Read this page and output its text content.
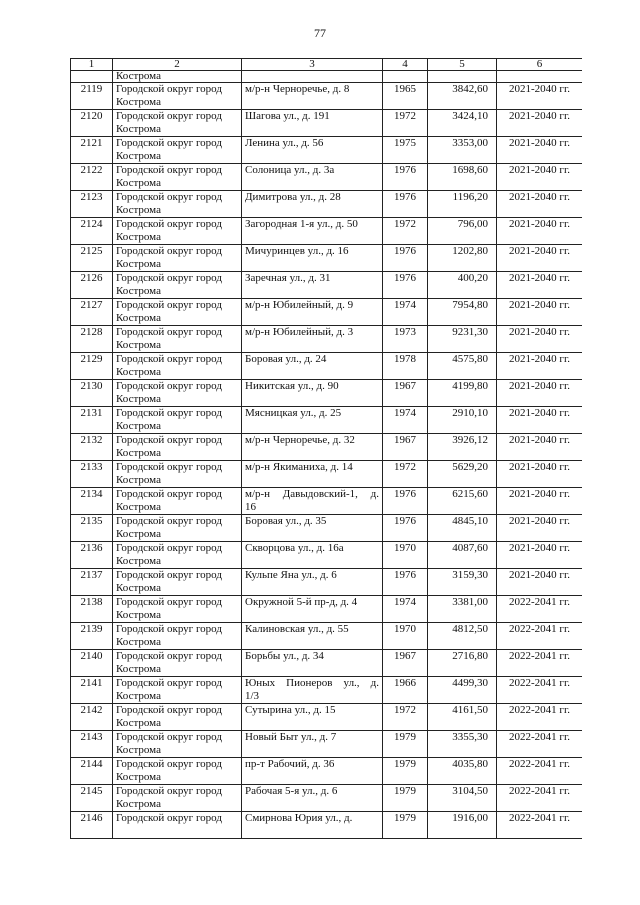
77
1	2	3	4	5	6
	Кострома				

2119	Городской округ город
Кострома	м/р-н Черноречье, д. 8	1965	3842,60	2021-2040 гг.

2120	Городской округ город
Кострома	Шагова ул., д. 191	1972	3424,10	2021-2040 гг.

2121	Городской округ город
Кострома	Ленина ул., д. 56	1975	3353,00	2021-2040 гг.

2122	Городской округ город
Кострома	Солоница ул., д. 3а	1976	1698,60	2021-2040 гг.

2123	Городской округ город
Кострома	Димитрова ул., д. 28	1976	1196,20	2021-2040 гг.

2124	Городской округ город
Кострома	Загородная 1-я ул., д. 50	1972	796,00	2021-2040 гг.

2125	Городской округ город
Кострома	Мичуринцев ул., д. 16	1976	1202,80	2021-2040 гг.

2126	Городской округ город
Кострома	Заречная ул., д. 31	1976	400,20	2021-2040 гг.

2127	Городской округ город
Кострома	м/р-н Юбилейный, д. 9	1974	7954,80	2021-2040 гг.

2128	Городской округ город
Кострома	м/р-н Юбилейный, д. 3	1973	9231,30	2021-2040 гг.

2129	Городской округ город
Кострома	Боровая ул., д. 24	1978	4575,80	2021-2040 гг.

2130	Городской округ город
Кострома	Никитская ул., д. 90	1967	4199,80	2021-2040 гг.

2131	Городской округ город
Кострома	Мясницкая ул., д. 25	1974	2910,10	2021-2040 гг.

2132	Городской округ город
Кострома	м/р-н Черноречье, д. 32	1967	3926,12	2021-2040 гг.

2133	Городской округ город
Кострома	м/р-н Якиманиха, д. 14	1972	5629,20	2021-2040 гг.

2134	Городской округ город
Кострома	м/р-н Давыдовский-1, д.
16	1976	6215,60	2021-2040 гг.

2135	Городской округ город
Кострома	Боровая ул., д. 35	1976	4845,10	2021-2040 гг.

2136	Городской округ город
Кострома	Скворцова ул., д. 16а	1970	4087,60	2021-2040 гг.

2137	Городской округ город
Кострома	Кульпе Яна ул., д. 6	1976	3159,30	2021-2040 гг.

2138	Городской округ город
Кострома	Окружной 5-й пр-д, д. 4	1974	3381,00	2022-2041 гг.

2139	Городской округ город
Кострома	Калиновская ул., д. 55	1970	4812,50	2022-2041 гг.

2140	Городской округ город
Кострома	Борьбы ул., д. 34	1967	2716,80	2022-2041 гг.

2141	Городской округ город
Кострома	Юных Пионеров ул., д.
1/3	1966	4499,30	2022-2041 гг.

2142	Городской округ город
Кострома	Сутырина ул., д. 15	1972	4161,50	2022-2041 гг.

2143	Городской округ город
Кострома	Новый Быт ул., д. 7	1979	3355,30	2022-2041 гг.

2144	Городской округ город
Кострома	пр-т Рабочий, д. 36	1979	4035,80	2022-2041 гг.

2145	Городской округ город
Кострома	Рабочая 5-я ул., д. 6	1979	3104,50	2022-2041 гг.

2146	Городской округ город	Смирнова Юрия ул., д.	1979	1916,00	2022-2041 гг.
